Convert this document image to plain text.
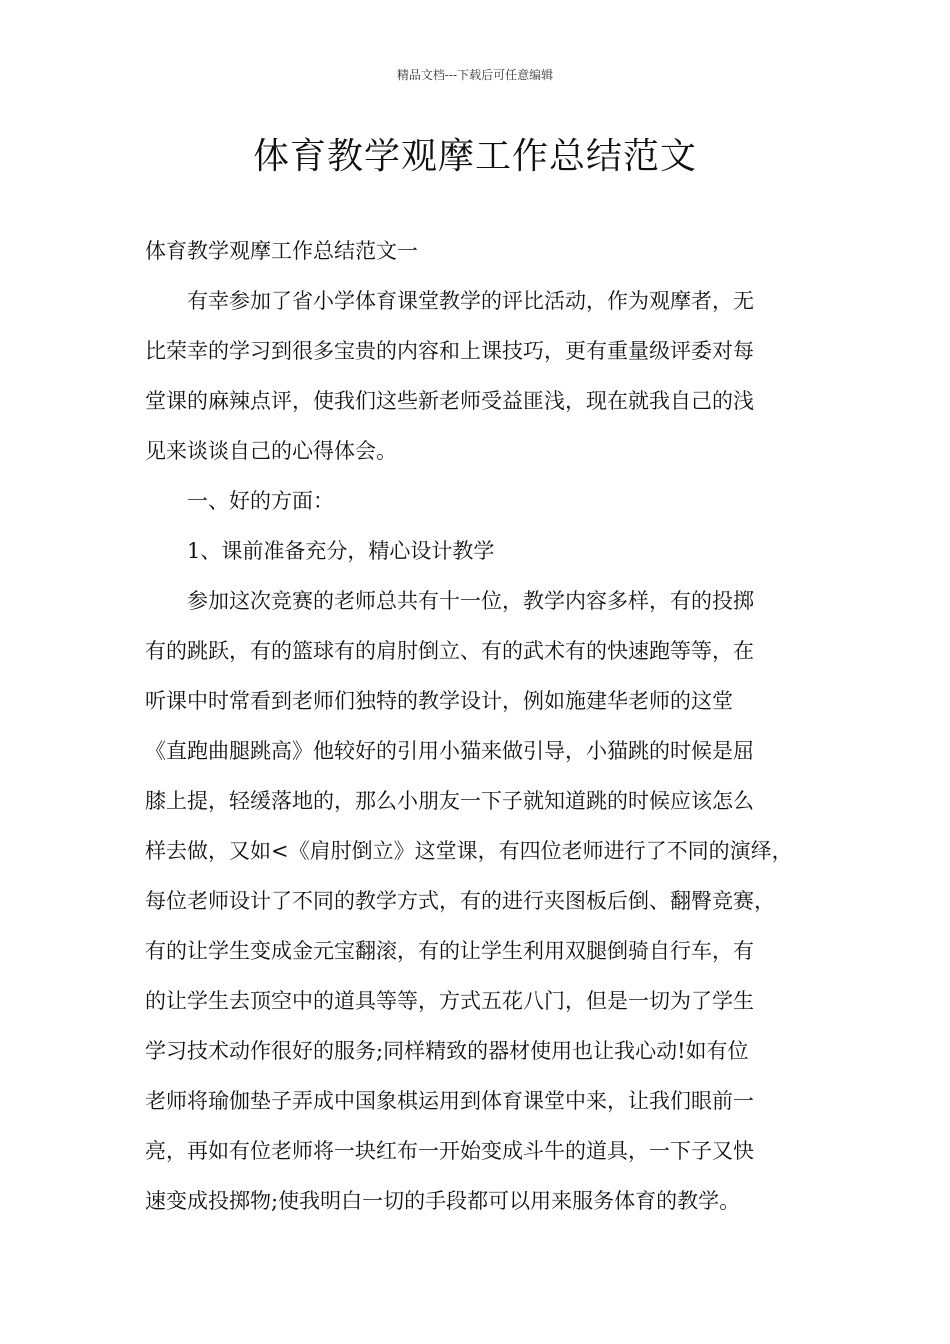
精品文档---下载后可任意编辑
体育教学观摩工作总结范文
体育教学观摩工作总结范文一
有幸参加了省小学体育课堂教学的评比活动，作为观摩者，无
比荣幸的学习到很多宝贵的内容和上课技巧，更有重量级评委对每
堂课的麻辣点评，使我们这些新老师受益匪浅，现在就我自己的浅
见来谈谈自己的心得体会。
一、好的方面：
1、课前准备充分，精心设计教学
参加这次竞赛的老师总共有十一位，教学内容多样，有的投掷
有的跳跃，有的篮球有的肩肘倒立、有的武术有的快速跑等等，在
听课中时常看到老师们独特的教学设计，例如施建华老师的这堂
《直跑曲腿跳高》他较好的引用小猫来做引导，小猫跳的时候是屈
膝上提，轻缓落地的，那么小朋友一下子就知道跳的时候应该怎么
样去做，又如<《肩肘倒立》这堂课，有四位老师进行了不同的演绎，
每位老师设计了不同的教学方式，有的进行夹图板后倒、翻臀竞赛，
有的让学生变成金元宝翻滚，有的让学生利用双腿倒骑自行车，有
的让学生去顶空中的道具等等，方式五花八门，但是一切为了学生
学习技术动作很好的服务;同样精致的器材使用也让我心动!如有位
老师将瑜伽垫子弄成中国象棋运用到体育课堂中来，让我们眼前一
亮，再如有位老师将一块红布一开始变成斗牛的道具，一下子又快
速变成投掷物;使我明白一切的手段都可以用来服务体育的教学。
